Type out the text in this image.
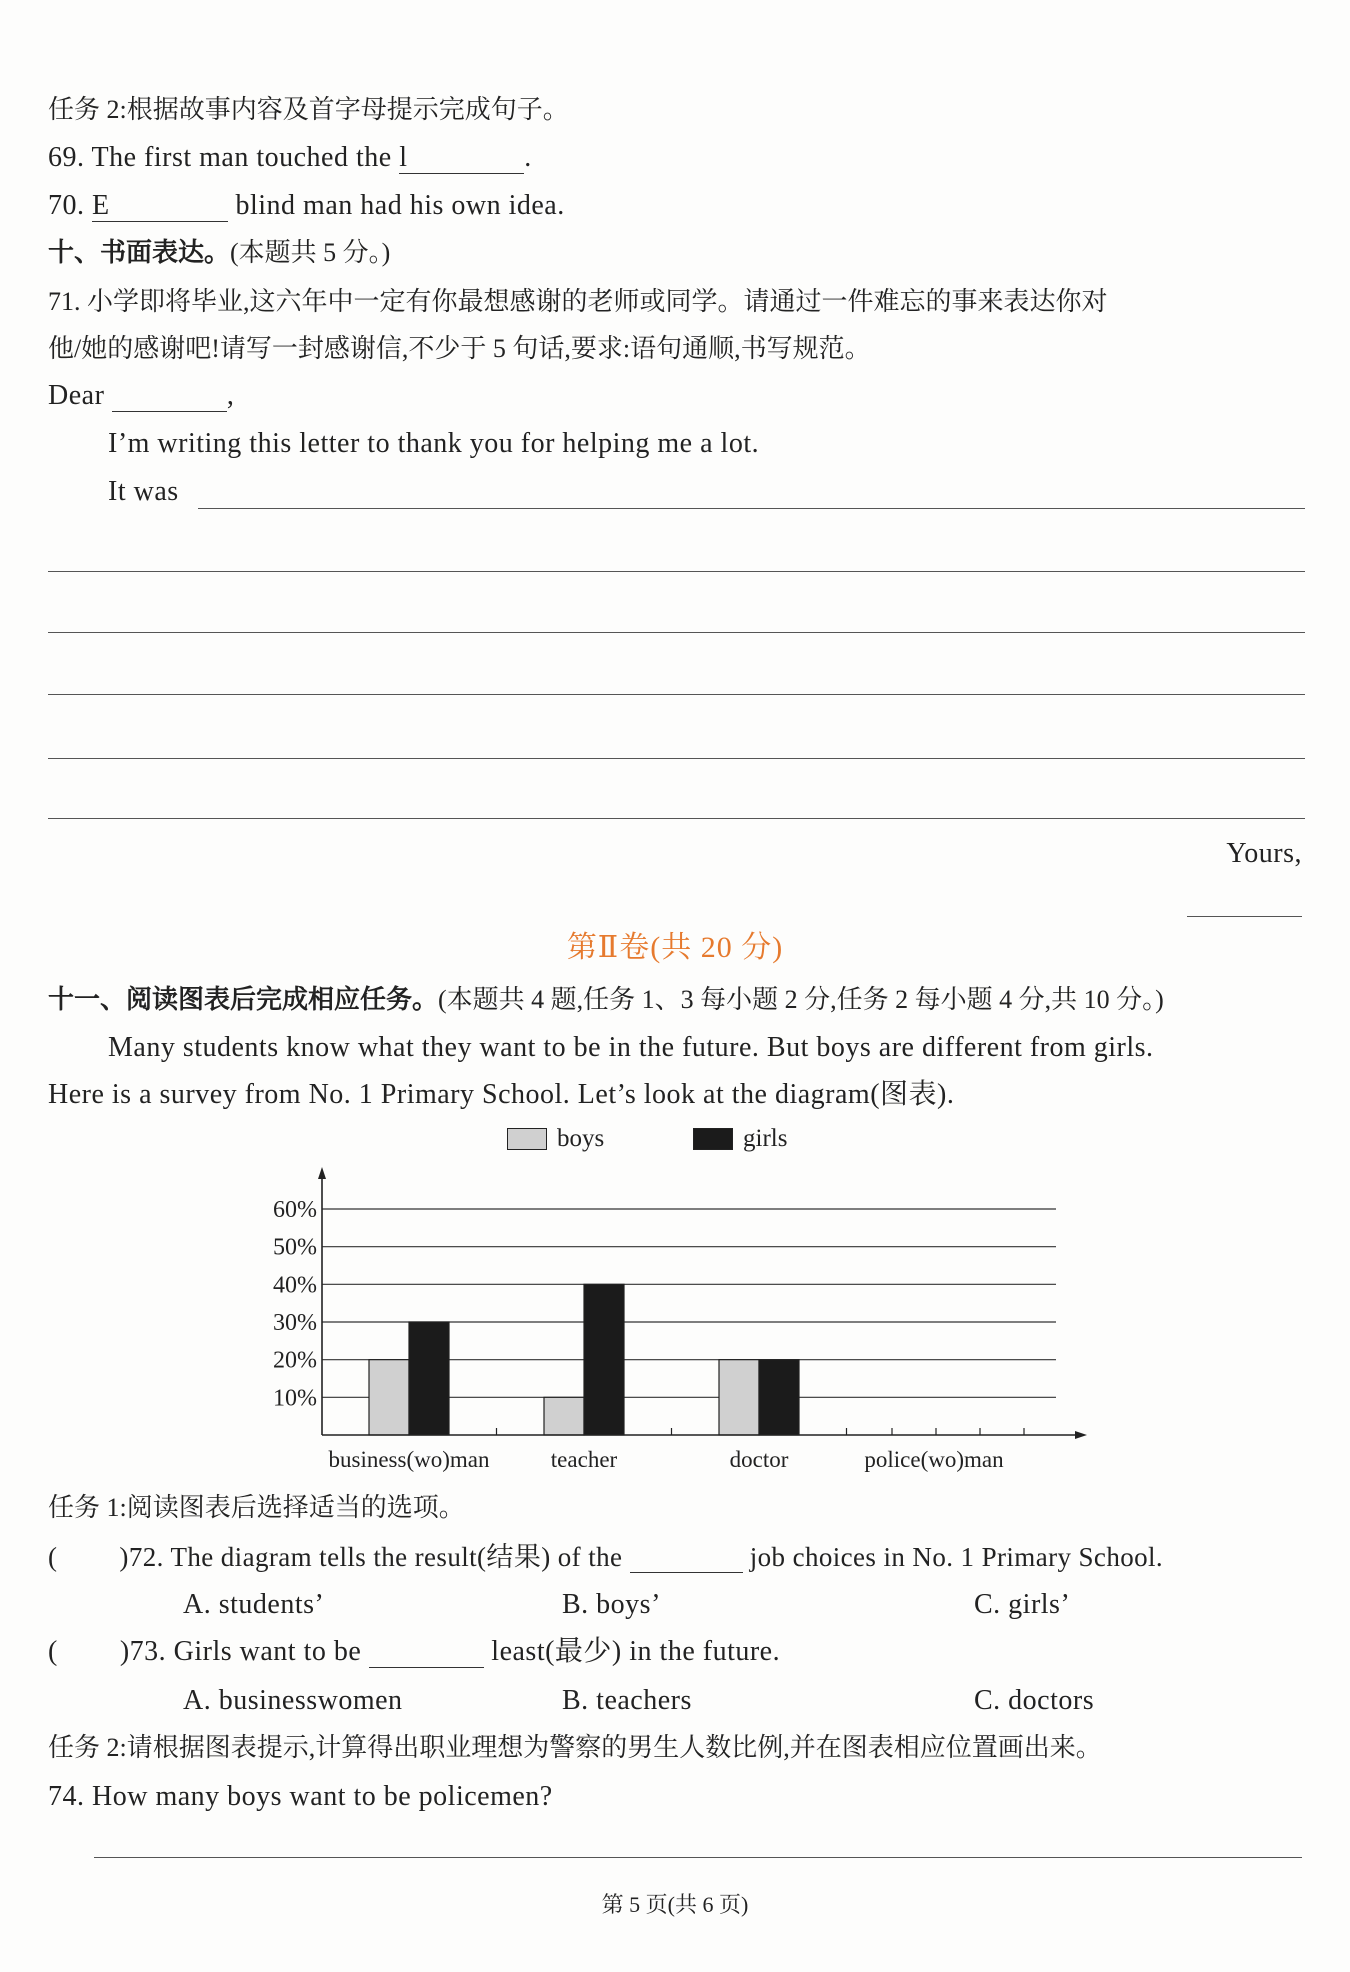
任务 2:根据故事内容及首字母提示完成句子。
69. The first man touched the ​ l	.
70. ​ E	blind man had his own idea.
十、书面表达。(本题共 5 分。)
71. 小学即将毕业,这六年中一定有你最想感谢的老师或同学。请通过一件难忘的事来表达你对
他/她的感谢吧!请写一封感谢信,不少于 5 句话,要求:语句通顺,书写规范。
Dear ​	,
I’m writing this letter to thank you for helping me a lot.
It was
Yours,
第Ⅱ卷(共 20 分)
十一、阅读图表后完成相应任务。(本题共 4 题,任务 1、3 每小题 2 分,任务 2 每小题 4 分,共 10 分。)
Many students know what they want to be in the future. But boys are different from girls.
Here is a survey from No. 1 Primary School. Let’s look at the diagram(图表).
boys	girls
10%
20%
30%
40%
50%
60%
business(wo)man	teacher	doctor	police(wo)man
任务 1:阅读图表后选择适当的选项。
( )72. The diagram tells the result(结果) of the ​	job choices in No. 1 Primary School.
A. students’	B. boys’	C. girls’
( )73. Girls want to be ​	least(最少) in the future.
A. businesswomen	B. teachers	C. doctors
任务 2:请根据图表提示,计算得出职业理想为警察的男生人数比例,并在图表相应位置画出来。
74. How many boys want to be policemen?
第 5 页(共 6 页)
